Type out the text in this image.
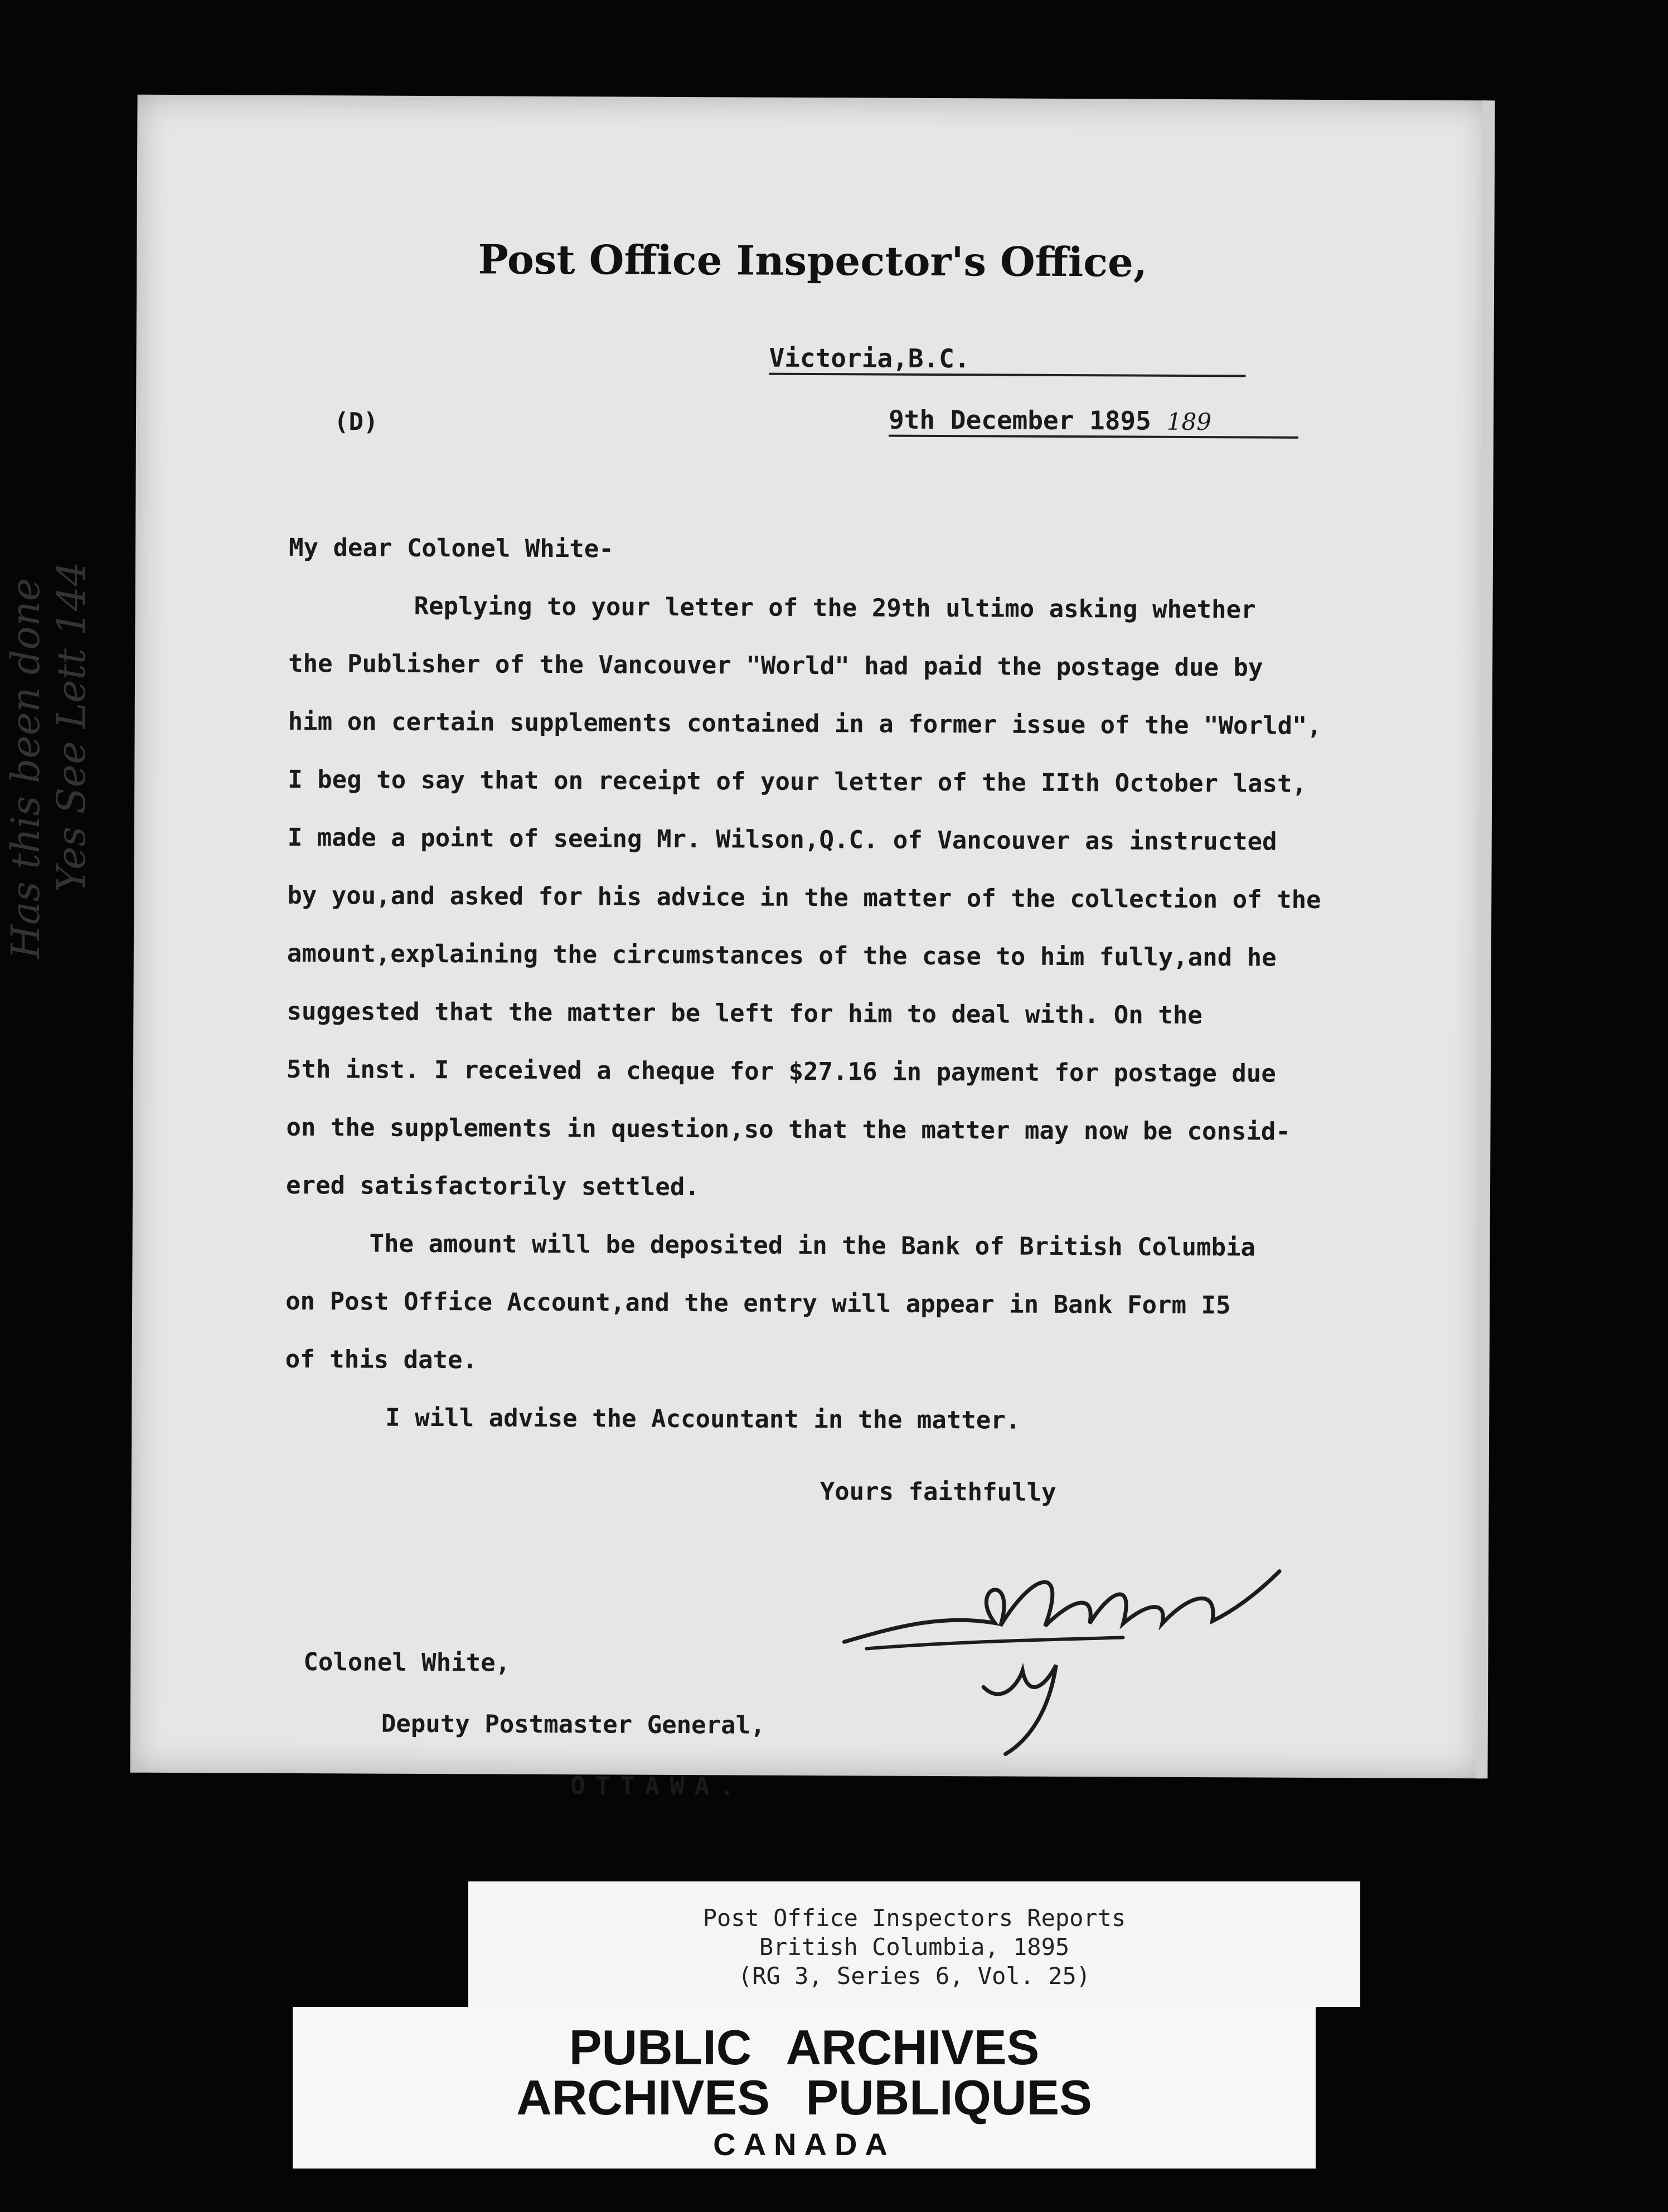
Post Office Inspector's Office,
Victoria,B.C.
(D)	9th December 1895 189

My dear Colonel White-

Replying to your letter of the 29th ultimo asking whether

the Publisher of the Vancouver "World" had paid the postage due by

him on certain supplements contained in a former issue of the "World",

I beg to say that on receipt of your letter of the IIth October last,

I made a point of seeing Mr. Wilson,Q.C. of Vancouver as instructed

by you,and asked for his advice in the matter of the collection of the

amount,explaining the circumstances of the case to him fully,and he

suggested that the matter be left for him to deal with. On the

5th inst. I received a cheque for $27.16 in payment for postage due

on the supplements in question,so that the matter may now be consid-

ered satisfactorily settled.

The amount will be deposited in the Bank of British Columbia

on Post Office Account,and the entry will appear in Bank Form I5

of this date.

I will advise the Accountant in the matter.

Yours faithfully
Colonel White,
Deputy Postmaster General,
OTTAWA.
Has this been done Yes See Lett 144
Post Office Inspectors Reports
British Columbia, 1895
(RG 3, Series 6, Vol. 25)
PUBLIC ARCHIVES
ARCHIVES PUBLIQUES
CANADA
